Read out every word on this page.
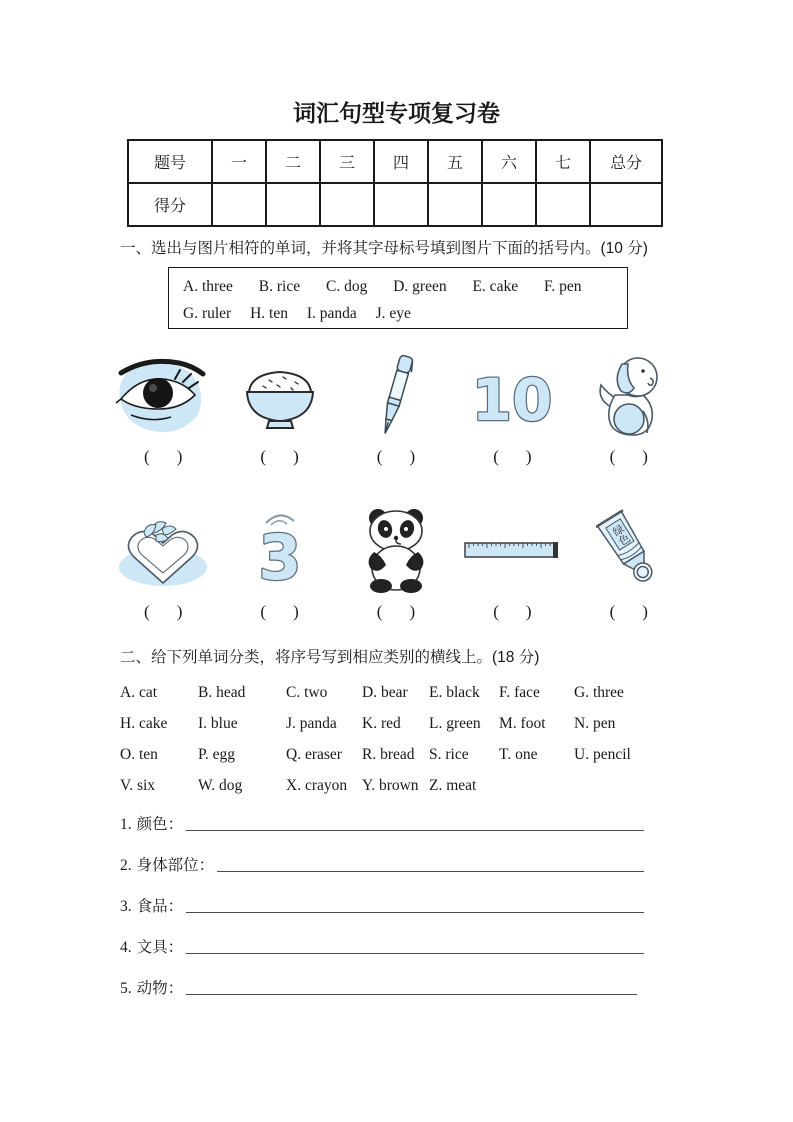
词汇句型专项复习卷
题号	一	二	三	四	五	六	七	总分
得分								
一、选出与图片相符的单词，并将其字母标号填到图片下面的括号内。(10 分)
A. three B. rice C. dog D. green E. cake F. pen
G. ruler H. ten I. panda J. eye
10
( )	( )	( )	( )	( )
3	绿色
( )	( )	( )	( )	( )
二、给下列单词分类，将序号写到相应类别的横线上。(18 分)
A. cat	B. head	C. two	D. bear	E. black	F. face	G. three
H. cake	I. blue	J. panda	K. red	L. green	M. foot	N. pen
O. ten	P. egg	Q. eraser	R. bread S. rice	T. one	U. pencil
V. six	W. dog	X. crayon Y. brown Z. meat
1. 颜色：
2. 身体部位：
3. 食品：
4. 文具：
5. 动物：
